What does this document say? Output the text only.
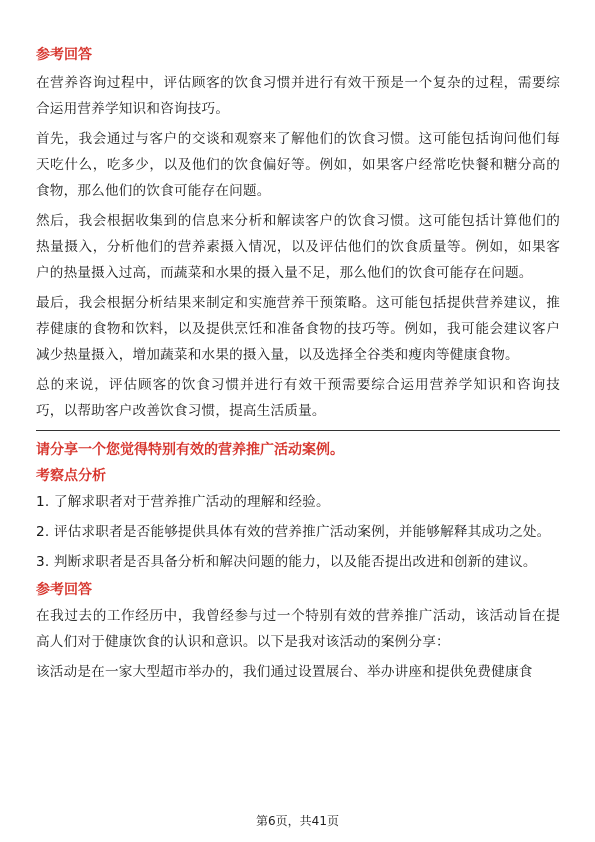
参考回答

在营养咨询过程中，评估顾客的饮食习惯并进行有效干预是一个复杂的过程，需要综合运用营养学知识和咨询技巧。

首先，我会通过与客户的交谈和观察来了解他们的饮食习惯。这可能包括询问他们每天吃什么，吃多少，以及他们的饮食偏好等。例如，如果客户经常吃快餐和糖分高的食物，那么他们的饮食可能存在问题。

然后，我会根据收集到的信息来分析和解读客户的饮食习惯。这可能包括计算他们的热量摄入，分析他们的营养素摄入情况，以及评估他们的饮食质量等。例如，如果客户的热量摄入过高，而蔬菜和水果的摄入量不足，那么他们的饮食可能存在问题。

最后，我会根据分析结果来制定和实施营养干预策略。这可能包括提供营养建议，推荐健康的食物和饮料，以及提供烹饪和准备食物的技巧等。例如，我可能会建议客户减少热量摄入，增加蔬菜和水果的摄入量，以及选择全谷类和瘦肉等健康食物。

总的来说，评估顾客的饮食习惯并进行有效干预需要综合运用营养学知识和咨询技巧，以帮助客户改善饮食习惯，提高生活质量。

请分享一个您觉得特别有效的营养推广活动案例。
考察点分析

1. 了解求职者对于营养推广活动的理解和经验。

2. 评估求职者是否能够提供具体有效的营养推广活动案例，并能够解释其成功之处。

3. 判断求职者是否具备分析和解决问题的能力，以及能否提出改进和创新的建议。

参考回答

在我过去的工作经历中，我曾经参与过一个特别有效的营养推广活动，该活动旨在提高人们对于健康饮食的认识和意识。以下是我对该活动的案例分享：

该活动是在一家大型超市举办的，我们通过设置展台、举办讲座和提供免费健康食

第6页，共41页
